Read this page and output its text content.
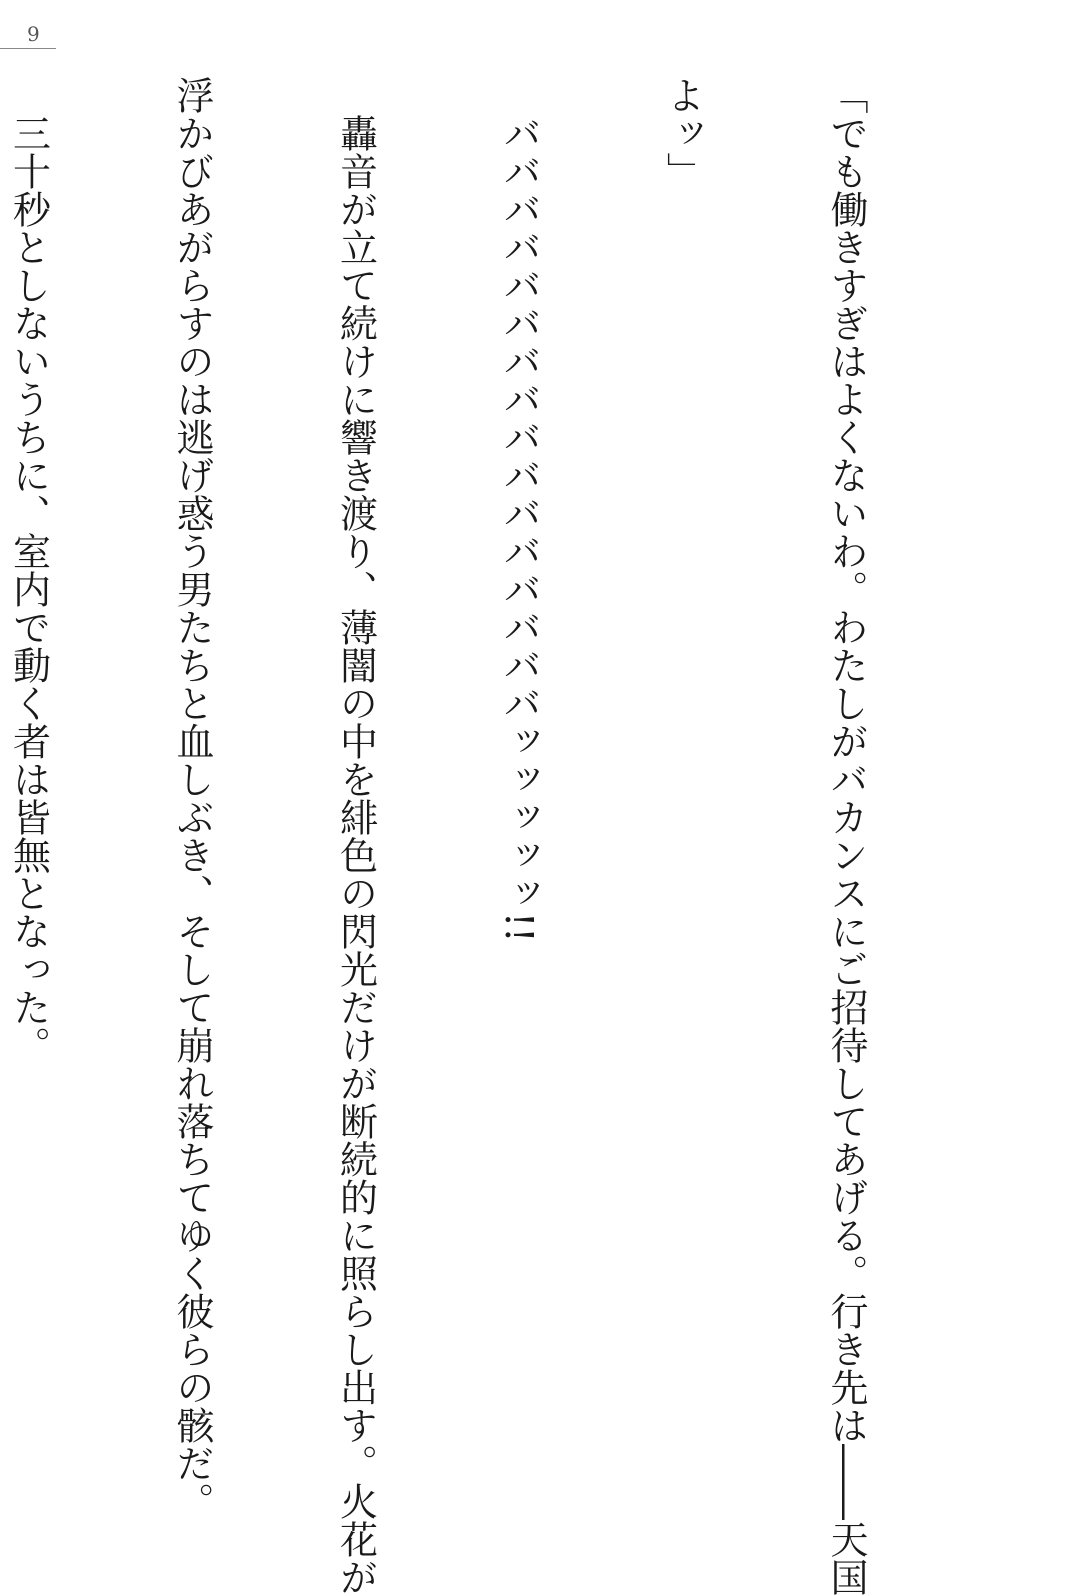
9

「でも働きすぎはよくないわ。わたしがバカンスにご招待してあげる。行き先は――天国

よッ」

　ババババババババババババババババッッッッッ!!

　轟音が立て続けに響き渡り、薄闇の中を緋色の閃光だけが断続的に照らし出す。火花が

浮かびあがらすのは逃げ惑う男たちと血しぶき、そして崩れ落ちてゆく彼らの骸だ。

　三十秒としないうちに、室内で動く者は皆無となった。
